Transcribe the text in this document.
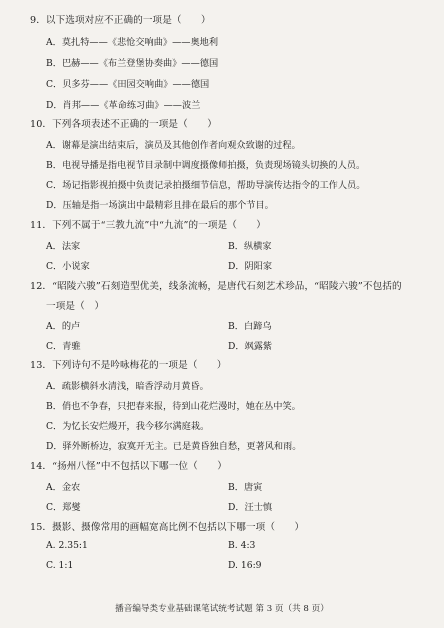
9．以下选项对应不正确的一项是（　　）
A．莫扎特——《悲怆交响曲》——奥地利
B．巴赫——《布兰登堡协奏曲》——德国
C．贝多芬——《田园交响曲》——德国
D．肖邦——《革命练习曲》——波兰
10．下列各项表述不正确的一项是（　　）
A．谢幕是演出结束后，演员及其他创作者向观众致谢的过程。
B．电视导播是指电视节目录制中调度摄像师拍摄，负责现场镜头切换的人员。
C．场记指影视拍摄中负责记录拍摄细节信息，帮助导演传达指令的工作人员。
D．压轴是指一场演出中最精彩且排在最后的那个节目。
11．下列不属于“三教九流”中“九流”的一项是（　　）
A．法家	B．纵横家
C．小说家	D．阴阳家
12．“昭陵六骏”石刻造型优美，线条流畅，是唐代石刻艺术珍品，“昭陵六骏”不包括的
一项是（　）
A．的卢	B．白蹄乌
C．青骓	D．飒露紫
13．下列诗句不是吟咏梅花的一项是（　　）
A．疏影横斜水清浅，暗香浮动月黄昏。
B．俏也不争春，只把春来报，待到山花烂漫时，她在丛中笑。
C．为忆长安烂熳开，我今移尔满庭栽。
D．驿外断桥边，寂寞开无主。已是黄昏独自愁，更著风和雨。
14．“扬州八怪”中不包括以下哪一位（　　）
A．金农	B．唐寅
C．郑燮	D．汪士慎
15．摄影、摄像常用的画幅宽高比例不包括以下哪一项（　　）
A. 2.35:1	B. 4:3
C. 1:1	D. 16:9
播音编导类专业基础课笔试统考试题 第 3 页（共 8 页）
